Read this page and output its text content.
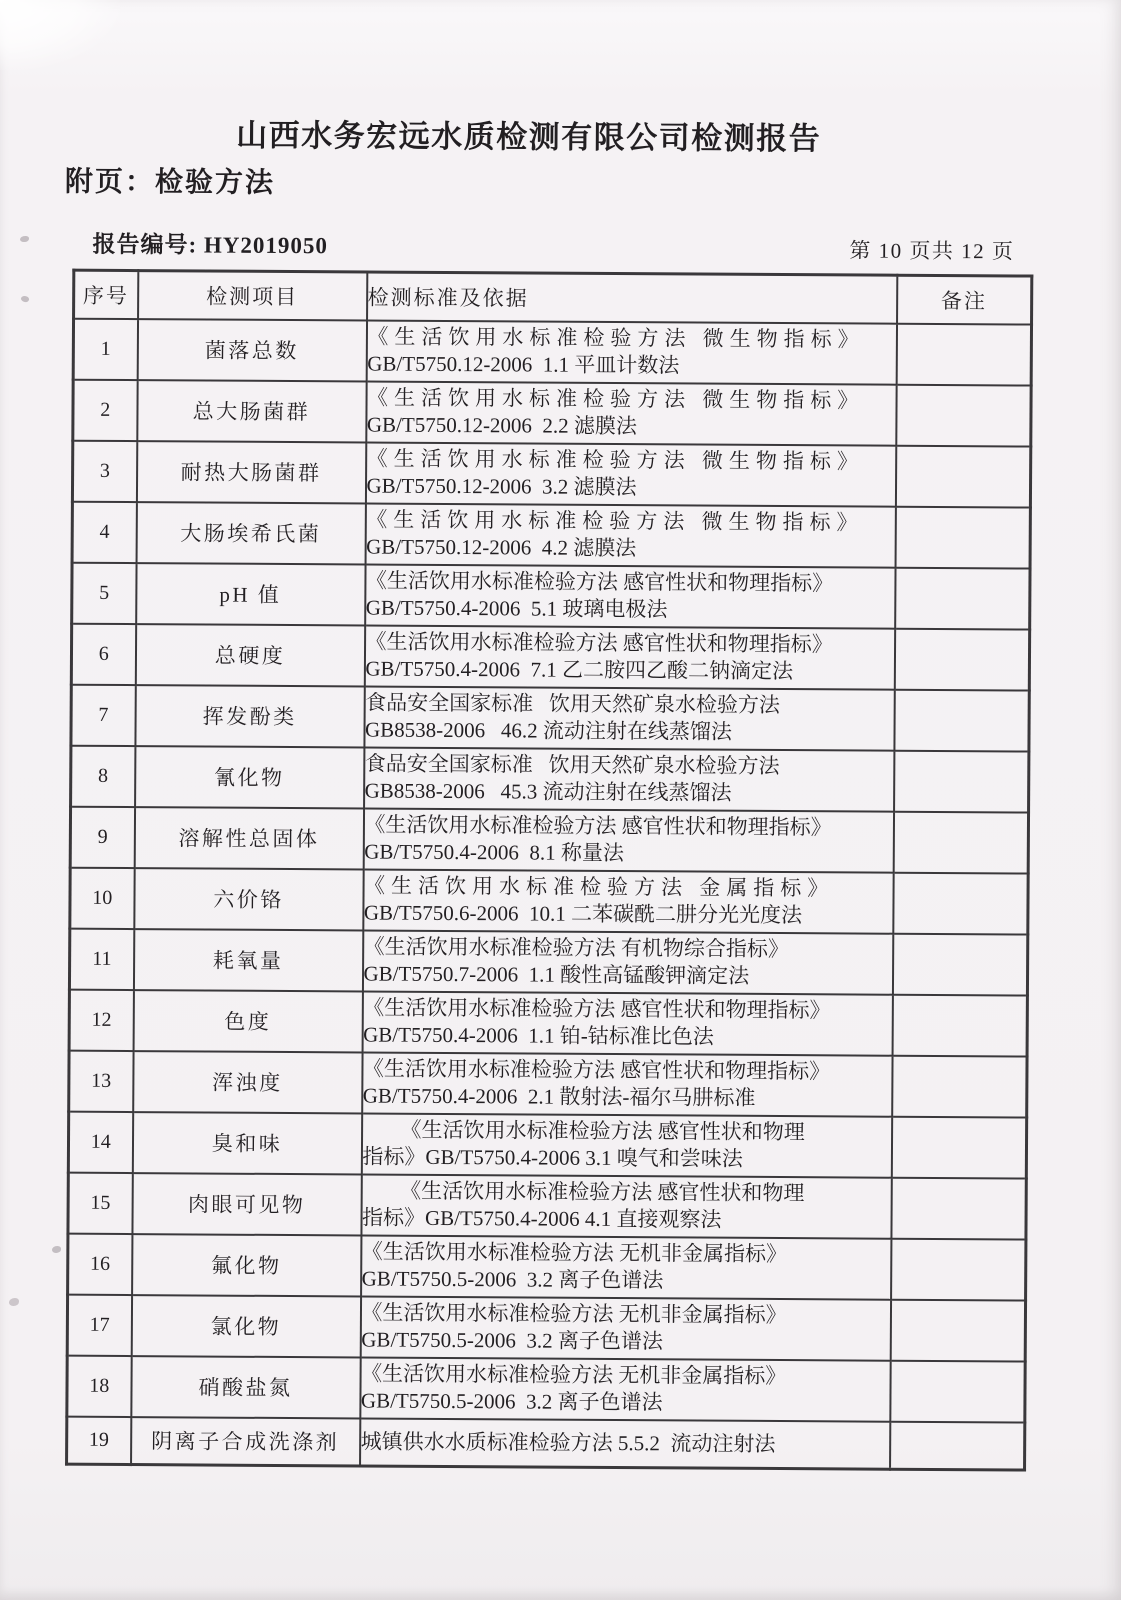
山西水务宏远水质检测有限公司检测报告
附页：检验方法
报告编号: HY2019050	第 10 页共 12 页
序号	检测项目	检测标准及依据	备注
1	菌落总数	《生活饮用水标准检验方法 微生物指标》
GB/T5750.12-2006  1.1 平皿计数法	

2	总大肠菌群	《生活饮用水标准检验方法 微生物指标》
GB/T5750.12-2006  2.2 滤膜法	

3	耐热大肠菌群	《生活饮用水标准检验方法 微生物指标》
GB/T5750.12-2006  3.2 滤膜法	

4	大肠埃希氏菌	《生活饮用水标准检验方法 微生物指标》
GB/T5750.12-2006  4.2 滤膜法	

5	pH 值	《生活饮用水标准检验方法 感官性状和物理指标》
GB/T5750.4-2006  5.1 玻璃电极法	

6	总硬度	《生活饮用水标准检验方法 感官性状和物理指标》
GB/T5750.4-2006  7.1 乙二胺四乙酸二钠滴定法	

7	挥发酚类	食品安全国家标准   饮用天然矿泉水检验方法
GB8538-2006   46.2 流动注射在线蒸馏法	

8	氰化物	食品安全国家标准   饮用天然矿泉水检验方法
GB8538-2006   45.3 流动注射在线蒸馏法	

9	溶解性总固体	《生活饮用水标准检验方法 感官性状和物理指标》
GB/T5750.4-2006  8.1 称量法	

10	六价铬	《生活饮用水标准检验方法 金属指标》
GB/T5750.6-2006  10.1 二苯碳酰二肼分光光度法	

11	耗氧量	《生活饮用水标准检验方法 有机物综合指标》
GB/T5750.7-2006  1.1 酸性高锰酸钾滴定法	

12	色度	《生活饮用水标准检验方法 感官性状和物理指标》
GB/T5750.4-2006  1.1 铂-钴标准比色法	

13	浑浊度	《生活饮用水标准检验方法 感官性状和物理指标》
GB/T5750.4-2006  2.1 散射法-福尔马肼标准	

14	臭和味	《生活饮用水标准检验方法 感官性状和物理
指标》GB/T5750.4-2006 3.1 嗅气和尝味法	

15	肉眼可见物	《生活饮用水标准检验方法 感官性状和物理
指标》GB/T5750.4-2006 4.1 直接观察法	

16	氟化物	《生活饮用水标准检验方法 无机非金属指标》
GB/T5750.5-2006  3.2 离子色谱法	

17	氯化物	《生活饮用水标准检验方法 无机非金属指标》
GB/T5750.5-2006  3.2 离子色谱法	

18	硝酸盐氮	《生活饮用水标准检验方法 无机非金属指标》
GB/T5750.5-2006  3.2 离子色谱法	

19	阴离子合成洗涤剂	城镇供水水质标准检验方法 5.5.2  流动注射法	
